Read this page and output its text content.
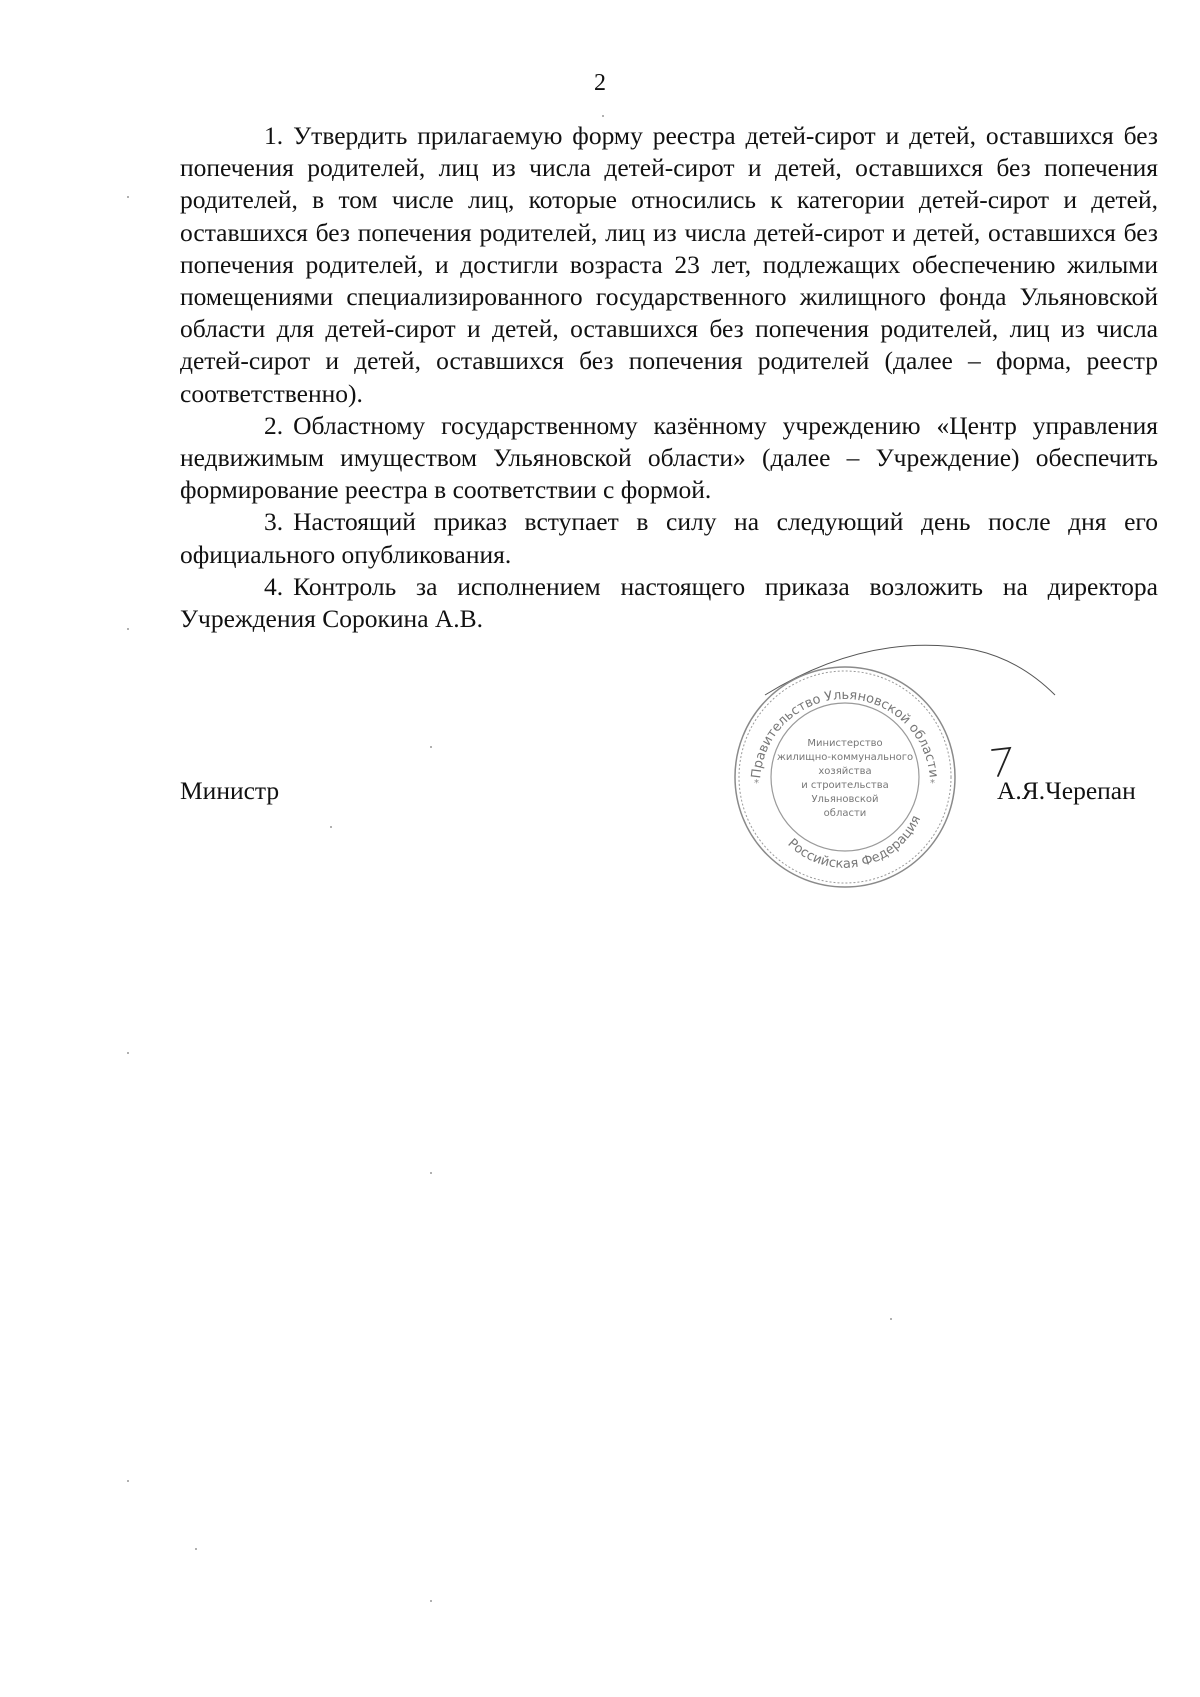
2

1. Утвердить прилагаемую форму реестра детей-сирот и детей, оставшихся без попечения родителей, лиц из числа детей-сирот и детей, оставшихся без попечения родителей, в том числе лиц, которые относились к категории детей-сирот и детей, оставшихся без попечения родителей, лиц из числа детей-сирот и детей, оставшихся без попечения родителей, и достигли возраста 23 лет, подлежащих обеспечению жилыми помещениями специализированного государственного жилищного фонда Ульяновской области для детей-сирот и детей, оставшихся без попечения родителей, лиц из числа детей-сирот и детей, оставшихся без попечения родителей (далее – форма, реестр соответственно).

2. Областному государственному казённому учреждению «Центр управления недвижимым имуществом Ульяновской области» (далее – Учреждение) обеспечить формирование реестра в соответствии с формой.

3. Настоящий приказ вступает в силу на следующий день после дня его официального опубликования.

4. Контроль за исполнением настоящего приказа возложить на директора Учреждения Сорокина А.В.

Правительство Ульяновской области
Российская Федерация
*	*
Министерство
жилищно-коммунального
хозяйства
и строительства
Ульяновской
области
Министр	А.Я.Черепан
